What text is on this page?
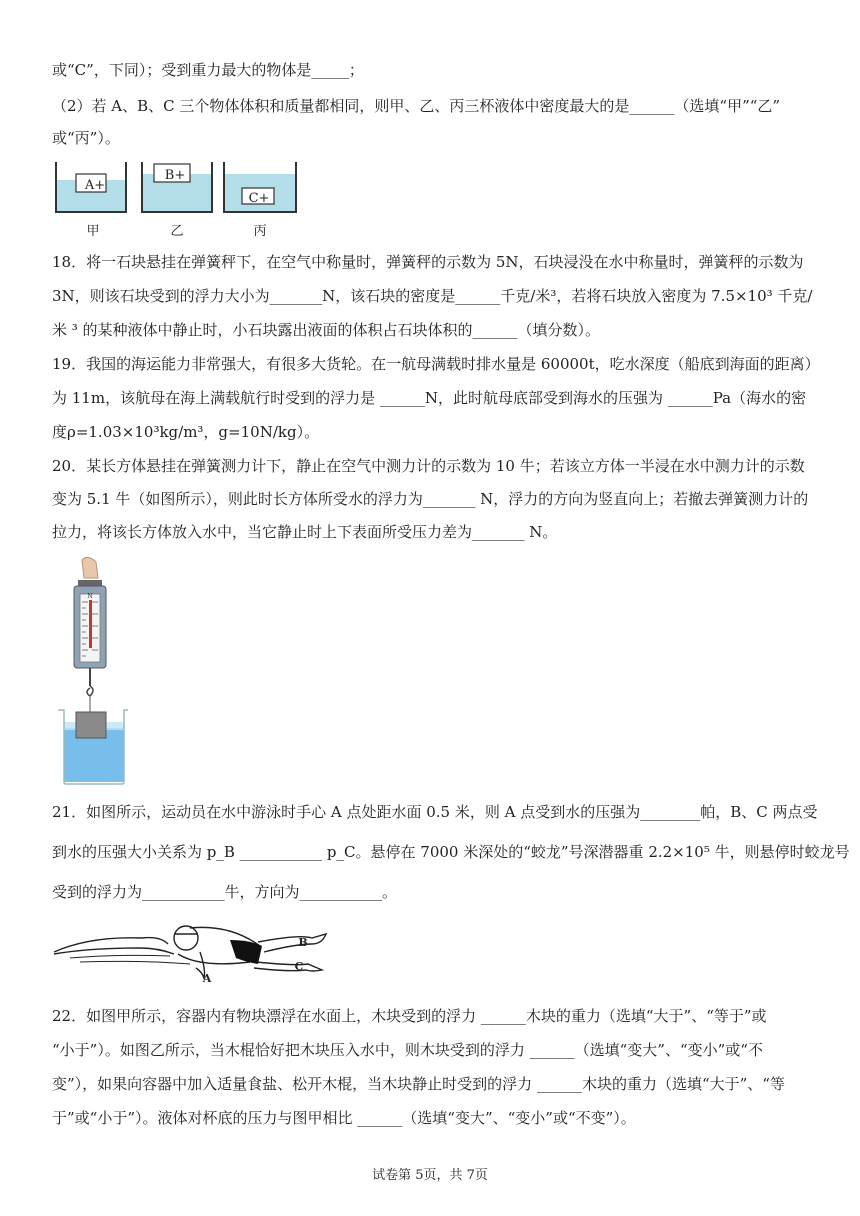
或“C”，下同）；受到重力最大的物体是_____；
（2）若 A、B、C 三个物体体积和质量都相同，则甲、乙、丙三杯液体中密度最大的是______（选填“甲”“乙”
或“丙”）。
A+
B+
C+
甲	乙	丙
18．将一石块悬挂在弹簧秤下，在空气中称量时，弹簧秤的示数为 5N，石块浸没在水中称量时，弹簧秤的示数为
3N，则该石块受到的浮力大小为_______N，该石块的密度是______千克/米³，若将石块放入密度为 7.5×10³ 千克/
米 ³ 的某种液体中静止时，小石块露出液面的体积占石块体积的______（填分数）。
19．我国的海运能力非常强大，有很多大货轮。在一航母满载时排水量是 60000t，吃水深度（船底到海面的距离）
为 11m，该航母在海上满载航行时受到的浮力是 ______N，此时航母底部受到海水的压强为 ______Pa（海水的密
度ρ=1.03×10³kg/m³，g=10N/kg）。
20．某长方体悬挂在弹簧测力计下，静止在空气中测力计的示数为 10 牛；若该立方体一半浸在水中测力计的示数
变为 5.1 牛（如图所示），则此时长方体所受水的浮力为_______ N，浮力的方向为竖直向上；若撤去弹簧测力计的
拉力，将该长方体放入水中，当它静止时上下表面所受压力差为_______ N。
N
21．如图所示，运动员在水中游泳时手心 A 点处距水面 0.5 米，则 A 点受到水的压强为________帕，B、C 两点受
到水的压强大小关系为 p_B ___________ p_C。悬停在 7000 米深处的“蛟龙”号深潜器重 2.2×10⁵ 牛，则悬停时蛟龙号
受到的浮力为___________牛，方向为___________。
A
B
C
22．如图甲所示，容器内有物块漂浮在水面上，木块受到的浮力 ______木块的重力（选填“大于”、“等于”或
“小于”）。如图乙所示，当木棍恰好把木块压入水中，则木块受到的浮力 ______（选填“变大”、“变小”或“不
变”），如果向容器中加入适量食盐、松开木棍，当木块静止时受到的浮力 ______木块的重力（选填“大于”、“等
于”或“小于”）。液体对杯底的压力与图甲相比 ______（选填“变大”、“变小”或“不变”）。
试卷第 5页，共 7页
